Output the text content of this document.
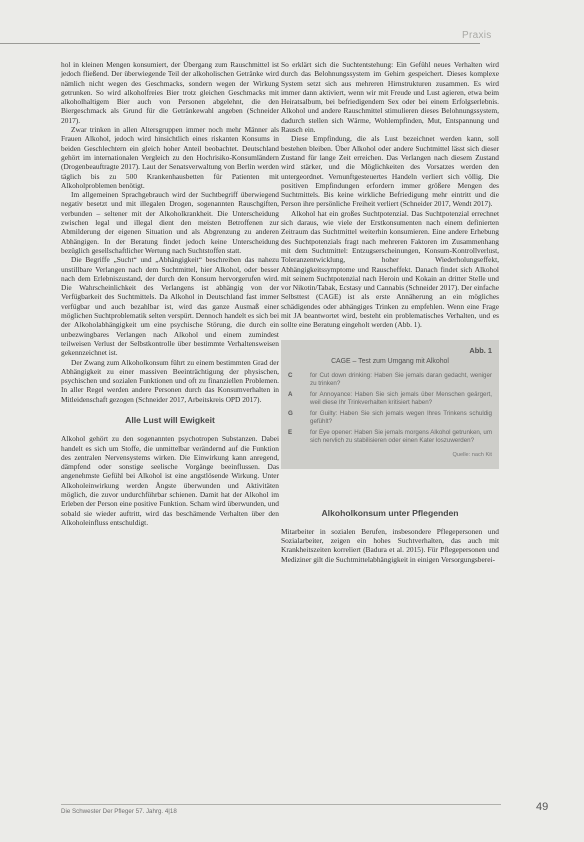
Praxis

hol in kleinen Mengen konsumiert, der Übergang zum Rauschmittel ist jedoch fließend. Der überwiegende Teil der alkoholischen Getränke wird nämlich nicht wegen des Geschmacks, sondern wegen der Wirkung getrunken. So wird alkoholfreies Bier trotz gleichen Geschmacks mit alkoholhaltigem Bier auch von Personen abgelehnt, die den Biergeschmack als Grund für die Getränkewahl angeben (Schneider 2017).

Zwar trinken in allen Altersgruppen immer noch mehr Männer als Frauen Alkohol, jedoch wird hinsichtlich eines riskanten Konsums in beiden Geschlechtern ein gleich hoher Anteil beobachtet. Deutschland gehört im internationalen Vergleich zu den Hochrisiko-Konsumländern (Drogenbeauftragte 2017). Laut der Senatsverwaltung von Berlin werden täglich bis zu 500 Krankenhausbetten für Patienten mit Alkoholproblemen benötigt.

Im allgemeinen Sprachgebrauch wird der Suchtbegriff überwiegend negativ besetzt und mit illegalen Drogen, sogenannten Rauschgiften, verbunden – seltener mit der Alkoholkrankheit. Die Unterscheidung zwischen legal und illegal dient den meisten Betroffenen zur Abmilderung der eigenen Situation und als Abgrenzung zu anderen Abhängigen. In der Beratung findet jedoch keine Unterscheidung bezüglich gesellschaftlicher Wertung nach Suchtstoffen statt.

Die Begriffe „Sucht“ und „Abhängigkeit“ beschreiben das nahezu unstillbare Verlangen nach dem Suchtmittel, hier Alkohol, oder besser nach dem Erlebniszustand, der durch den Konsum hervorgerufen wird. Die Wahrscheinlichkeit des Verlangens ist abhängig von der Verfügbarkeit des Suchtmittels. Da Alkohol in Deutschland fast immer verfügbar und auch bezahlbar ist, wird das ganze Ausmaß einer möglichen Suchtproblematik selten verspürt. Dennoch handelt es sich bei der Alkoholabhängigkeit um eine psychische Störung, die durch ein unbezwingbares Verlangen nach Alkohol und einem zumindest teilweisen Verlust der Selbstkontrolle über bestimmte Verhaltensweisen gekennzeichnet ist.

Der Zwang zum Alkoholkonsum führt zu einem bestimmten Grad der Abhängigkeit zu einer massiven Beeinträchtigung der physischen, psychischen und sozialen Funktionen und oft zu finanziellen Problemen. In aller Regel werden andere Personen durch das Konsumverhalten in Mitleidenschaft gezogen (Schneider 2017, Arbeitskreis OPD 2017).

Alle Lust will Ewigkeit

Alkohol gehört zu den sogenannten psychotropen Substanzen. Dabei handelt es sich um Stoffe, die unmittelbar verändernd auf die Funktion des zentralen Nervensystems wirken. Die Einwirkung kann anregend, dämpfend oder sonstige seelische Vorgänge beeinflussen. Das angenehmste Gefühl bei Alkohol ist eine angstlösende Wirkung. Unter Alkoholeinwirkung werden Ängste überwunden und Aktivitäten möglich, die zuvor undurchführbar schienen. Damit hat der Alkohol im Erleben der Person eine positive Funktion. Scham wird überwunden, und sobald sie wieder auftritt, wird das beschämende Verhalten über den Alkoholeinfluss entschuldigt.

So erklärt sich die Suchtentstehung: Ein Gefühl neues Verhalten wird durch das Belohnungssystem im Gehirn gespeichert. Dieses komplexe System setzt sich aus mehreren Hirnstrukturen zusammen. Es wird immer dann aktiviert, wenn wir mit Freude und Lust agieren, etwa beim Heiratsalbum, bei befriedigendem Sex oder bei einem Erfolgserlebnis. Alkohol und andere Rauschmittel stimulieren dieses Belohnungssystem, dadurch stellen sich Wärme, Wohlempfinden, Mut, Entspannung und Rausch ein.

Diese Empfindung, die als Lust bezeichnet werden kann, soll bestehen bleiben. Über Alkohol oder andere Suchtmittel lässt sich dieser Zustand für lange Zeit erreichen. Das Verlangen nach diesem Zustand wird stärker, und die Möglichkeiten des Vorsatzes werden den untergeordnet. Vernunftgesteuertes Handeln verliert sich völlig. Die positiven Empfindungen erfordern immer größere Mengen des Suchtmittels. Bis keine wirkliche Befriedigung mehr eintritt und die Person ihre persönliche Freiheit verliert (Schneider 2017, Wendt 2017).

Alkohol hat ein großes Suchtpotenzial. Das Suchtpotenzial errechnet sich daraus, wie viele der Erstkonsumenten nach einem definierten Zeitraum das Suchtmittel weiterhin konsumieren. Eine andere Erhebung des Suchtpotenzials fragt nach mehreren Faktoren im Zusammenhang mit dem Suchtmittel: Entzugserscheinungen, Konsum-Kontrollverlust, Toleranzentwicklung, hoher Wiederholungseffekt, Abhängigkeitssymptome und Rauscheffekt. Danach findet sich Alkohol mit seinem Suchtpotenzial nach Heroin und Kokain an dritter Stelle und vor Nikotin/Tabak, Ecstasy und Cannabis (Schneider 2017). Der einfache Selbsttest (CAGE) ist als erste Annäherung an ein mögliches schädigendes oder abhängiges Trinken zu empfehlen. Wenn eine Frage mit JA beantwortet wird, besteht ein problematisches Verhalten, und es sollte eine Beratung eingeholt werden (Abb. 1).

Abb. 1
CAGE – Test zum Umgang mit Alkohol
C	for Cut down drinking: Haben Sie jemals daran gedacht, weniger zu trinken?
A	for Annoyance: Haben Sie sich jemals über Menschen geärgert, weil diese Ihr Trinkverhalten kritisiert haben?
G	for Guilty: Haben Sie sich jemals wegen Ihres Trinkens schuldig gefühlt?
E	for Eye opener: Haben Sie jemals morgens Alkohol getrunken, um sich nervlich zu stabilisieren oder einen Kater loszuwerden?
Quelle: nach Kit
Alkoholkonsum unter Pflegenden

Mitarbeiter in sozialen Berufen, insbesondere Pflegepersonen und Sozialarbeiter, zeigen ein hohes Suchtverhalten, das auch mit Krankheitszeiten korreliert (Badura et al. 2015). Für Pflegepersonen und Mediziner gilt die Suchtmittelabhängigkeit in einigen Versorgungsberei-

Die Schwester Der Pfleger 57. Jahrg. 4|18	49
